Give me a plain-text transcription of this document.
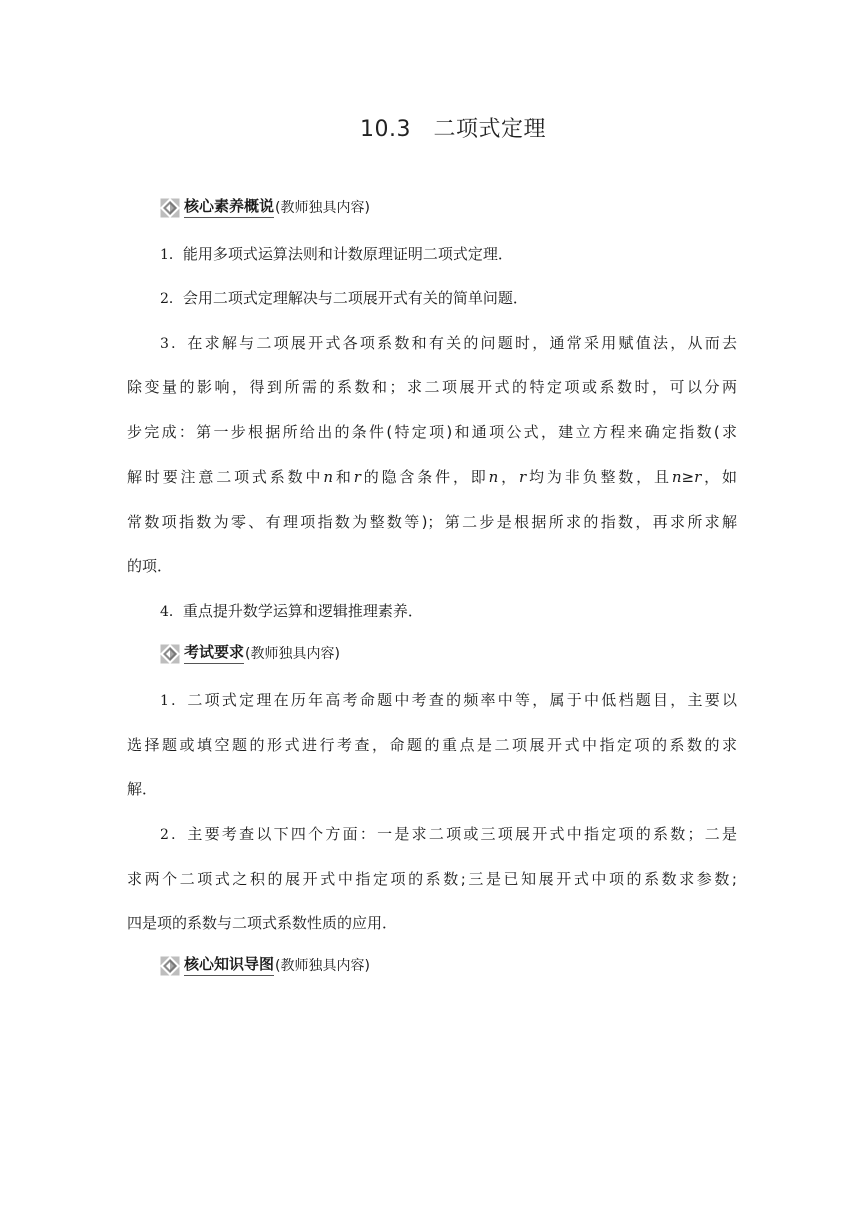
10.3　二项式定理
核心素养概说 (教师独具内容)
1．能用多项式运算法则和计数原理证明二项式定理．
2．会用二项式定理解决与二项展开式有关的简单问题．
3．在求解与二项展开式各项系数和有关的问题时，通常采用赋值法，从而去
除变量的影响，得到所需的系数和；求二项展开式的特定项或系数时，可以分两
步完成：第一步根据所给出的条件(特定项)和通项公式，建立方程来确定指数(求
解时要注意二项式系数中n和r的隐含条件，即n，r均为非负整数，且n≥r，如
常数项指数为零、有理项指数为整数等)；第二步是根据所求的指数，再求所求解
的项．
4．重点提升数学运算和逻辑推理素养．
考试要求 (教师独具内容)
1．二项式定理在历年高考命题中考查的频率中等，属于中低档题目，主要以
选择题或填空题的形式进行考查，命题的重点是二项展开式中指定项的系数的求
解．
2．主要考查以下四个方面：一是求二项或三项展开式中指定项的系数；二是
求两个二项式之积的展开式中指定项的系数;三是已知展开式中项的系数求参数;
四是项的系数与二项式系数性质的应用．
核心知识导图 (教师独具内容)
